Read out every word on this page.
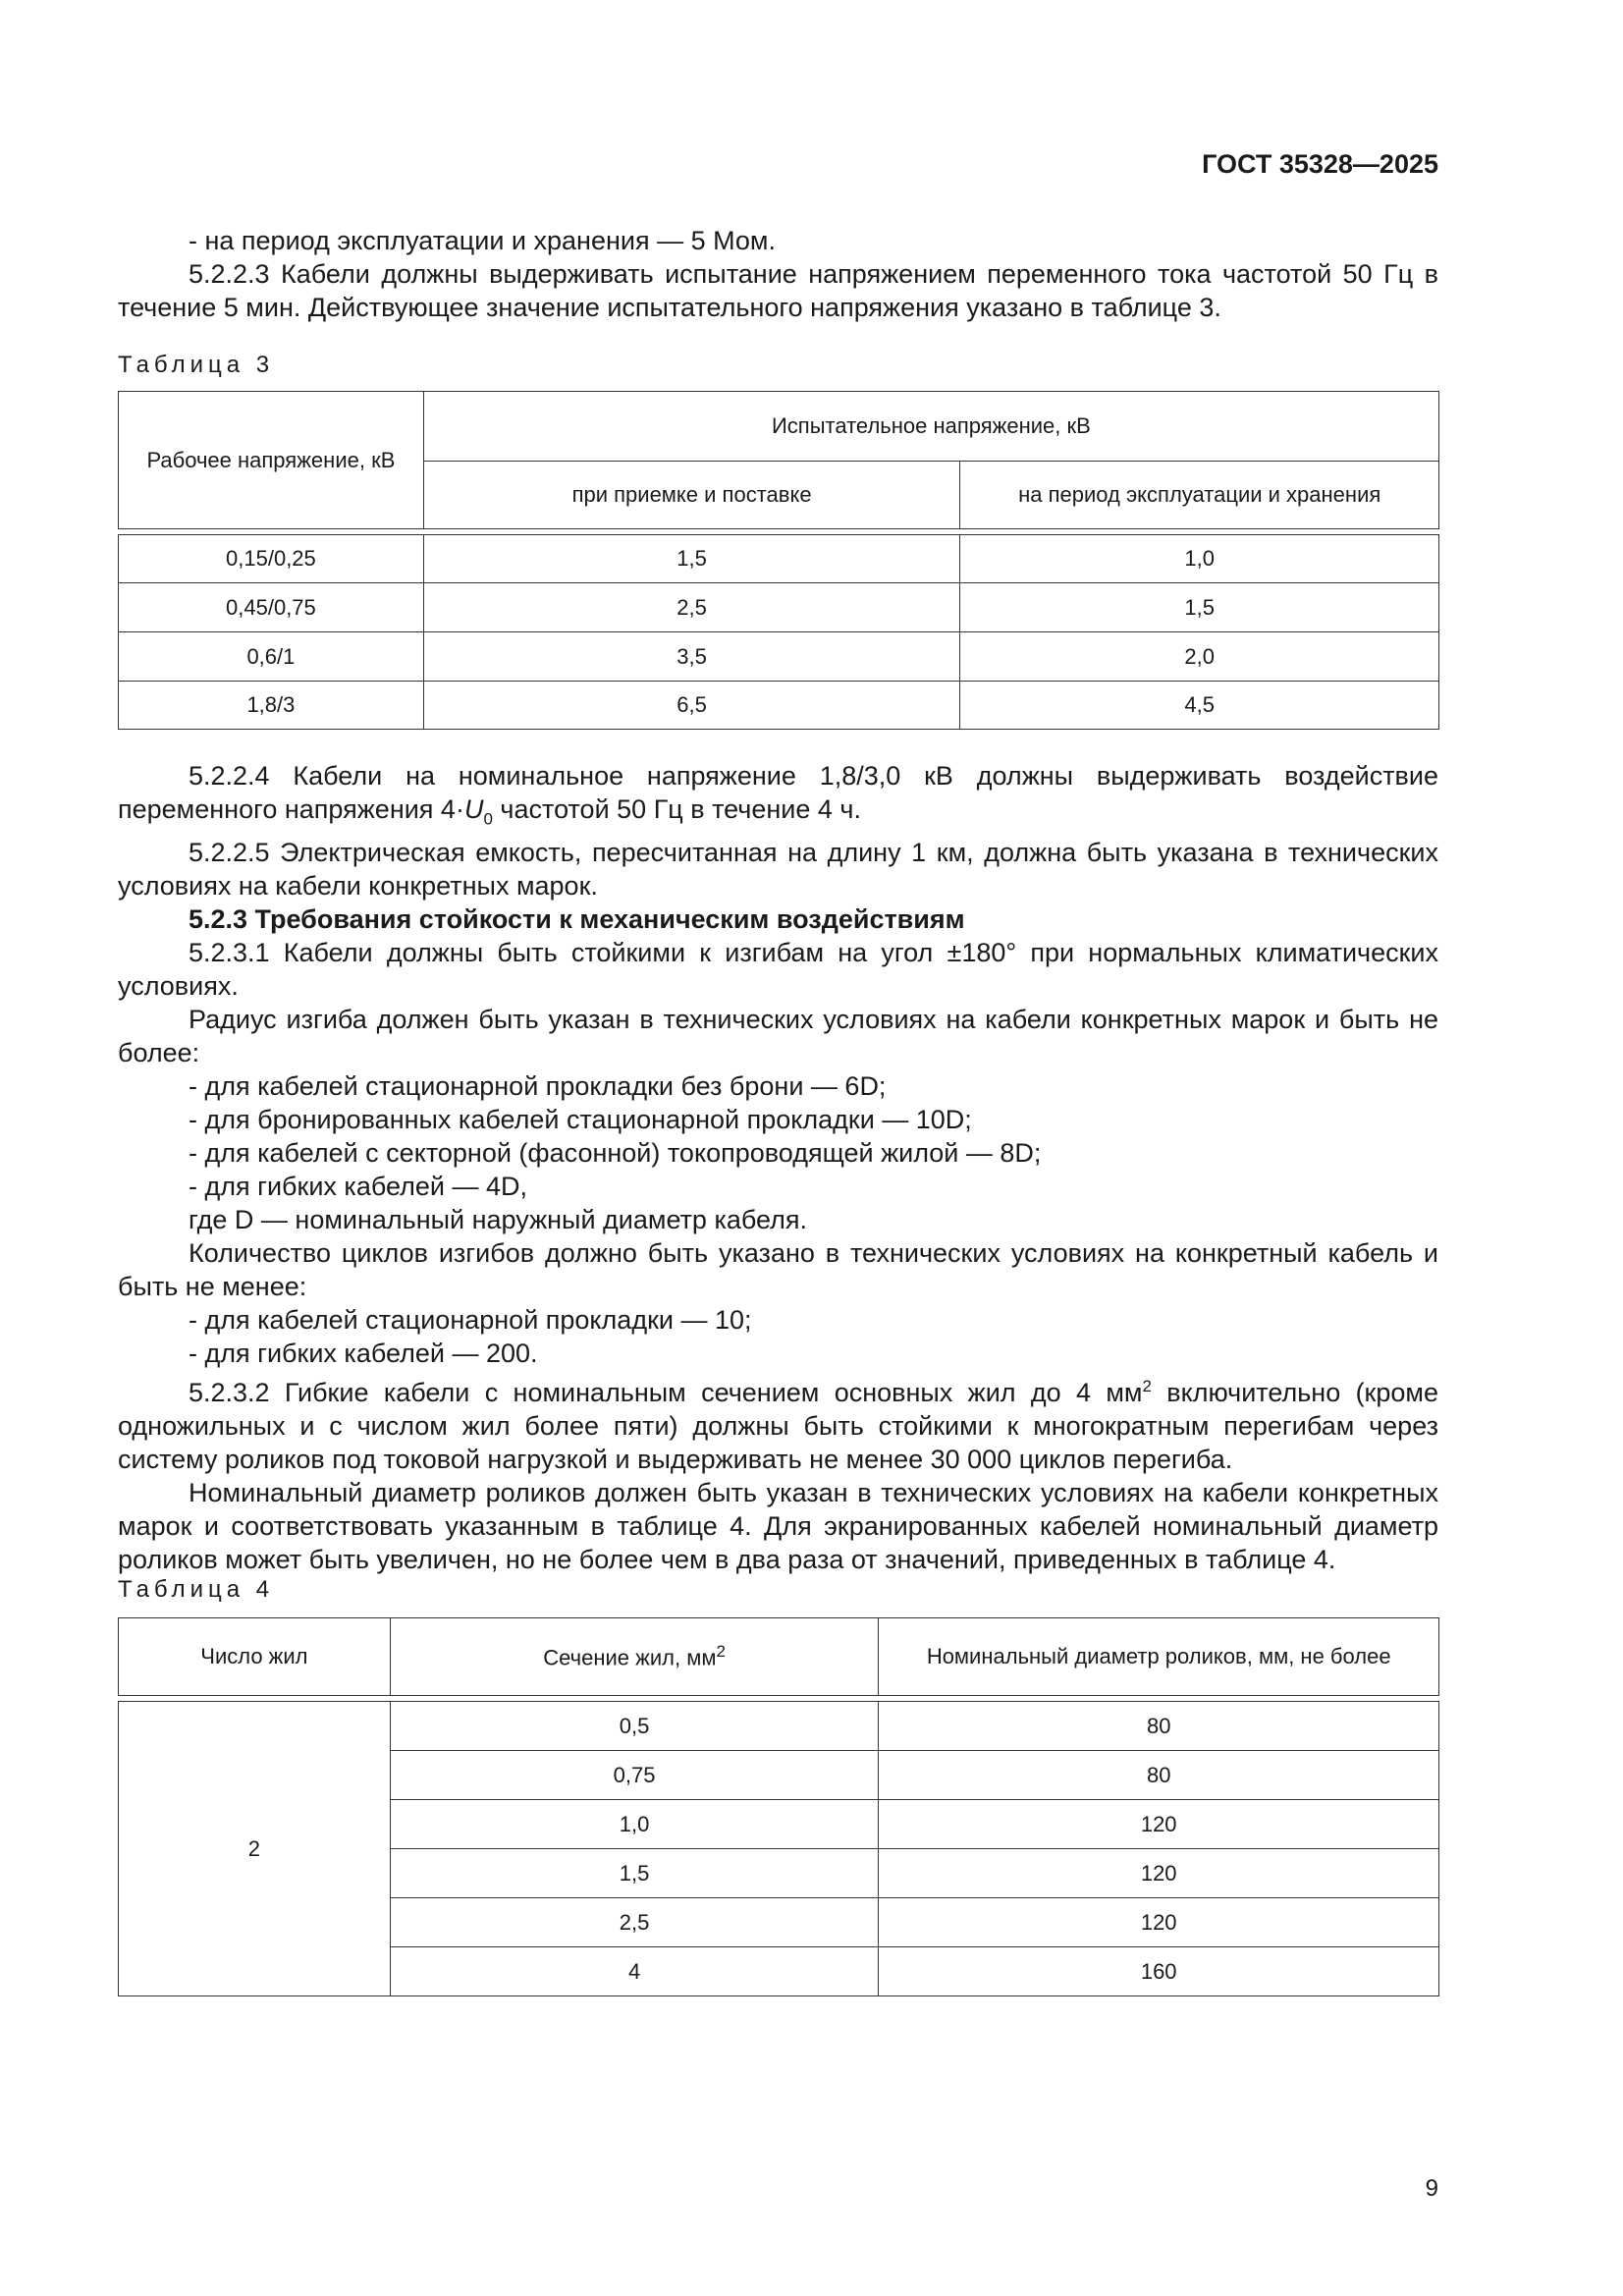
ГОСТ 35328—2025

- на период эксплуатации и хранения — 5 Мом.

5.2.2.3 Кабели должны выдерживать испытание напряжением переменного тока частотой 50 Гц в течение 5 мин. Действующее значение испытательного напряжения указано в таблице 3.

Таблица 3
Рабочее напряжение, кВ	Испытательное напряжение, кВ	
	при приемке и поставке	на период эксплуатации и хранения

0,15/0,25	1,5	1,0
0,45/0,75	2,5	1,5
0,6/1	3,5	2,0
1,8/3	6,5	4,5

5.2.2.4 Кабели на номинальное напряжение 1,8/3,0 кВ должны выдерживать воздействие переменного напряжения $4\cdot U_0$ частотой 50 Гц в течение 4 ч.

5.2.2.5 Электрическая емкость, пересчитанная на длину 1 км, должна быть указана в технических условиях на кабели конкретных марок.

5.2.3 Требования стойкости к механическим воздействиям

5.2.3.1 Кабели должны быть стойкими к изгибам на угол ±180° при нормальных климатических условиях.

Радиус изгиба должен быть указан в технических условиях на кабели конкретных марок и быть не более:

- для кабелей стационарной прокладки без брони — 6D;

- для бронированных кабелей стационарной прокладки — 10D;

- для кабелей с секторной (фасонной) токопроводящей жилой — 8D;

- для гибких кабелей — 4D,

где D — номинальный наружный диаметр кабеля.

Количество циклов изгибов должно быть указано в технических условиях на конкретный кабель и быть не менее:

- для кабелей стационарной прокладки — 10;

- для гибких кабелей — 200.

5.2.3.2 Гибкие кабели с номинальным сечением основных жил до 4 $мм^2$ включительно (кроме одножильных и с числом жил более пяти) должны быть стойкими к многократным перегибам через систему роликов под токовой нагрузкой и выдерживать не менее 30 000 циклов перегиба.

Номинальный диаметр роликов должен быть указан в технических условиях на кабели конкретных марок и соответствовать указанным в таблице 4. Для экранированных кабелей номинальный диаметр роликов может быть увеличен, но не более чем в два раза от значений, приведенных в таблице 4.

Таблица 4
Число жил	Сечение жил, $мм^2$	Номинальный диаметр роликов, мм, не более

2	0,5	80
	0,75	80
	1,0	120
	1,5	120
	2,5	120
	4	160
9
